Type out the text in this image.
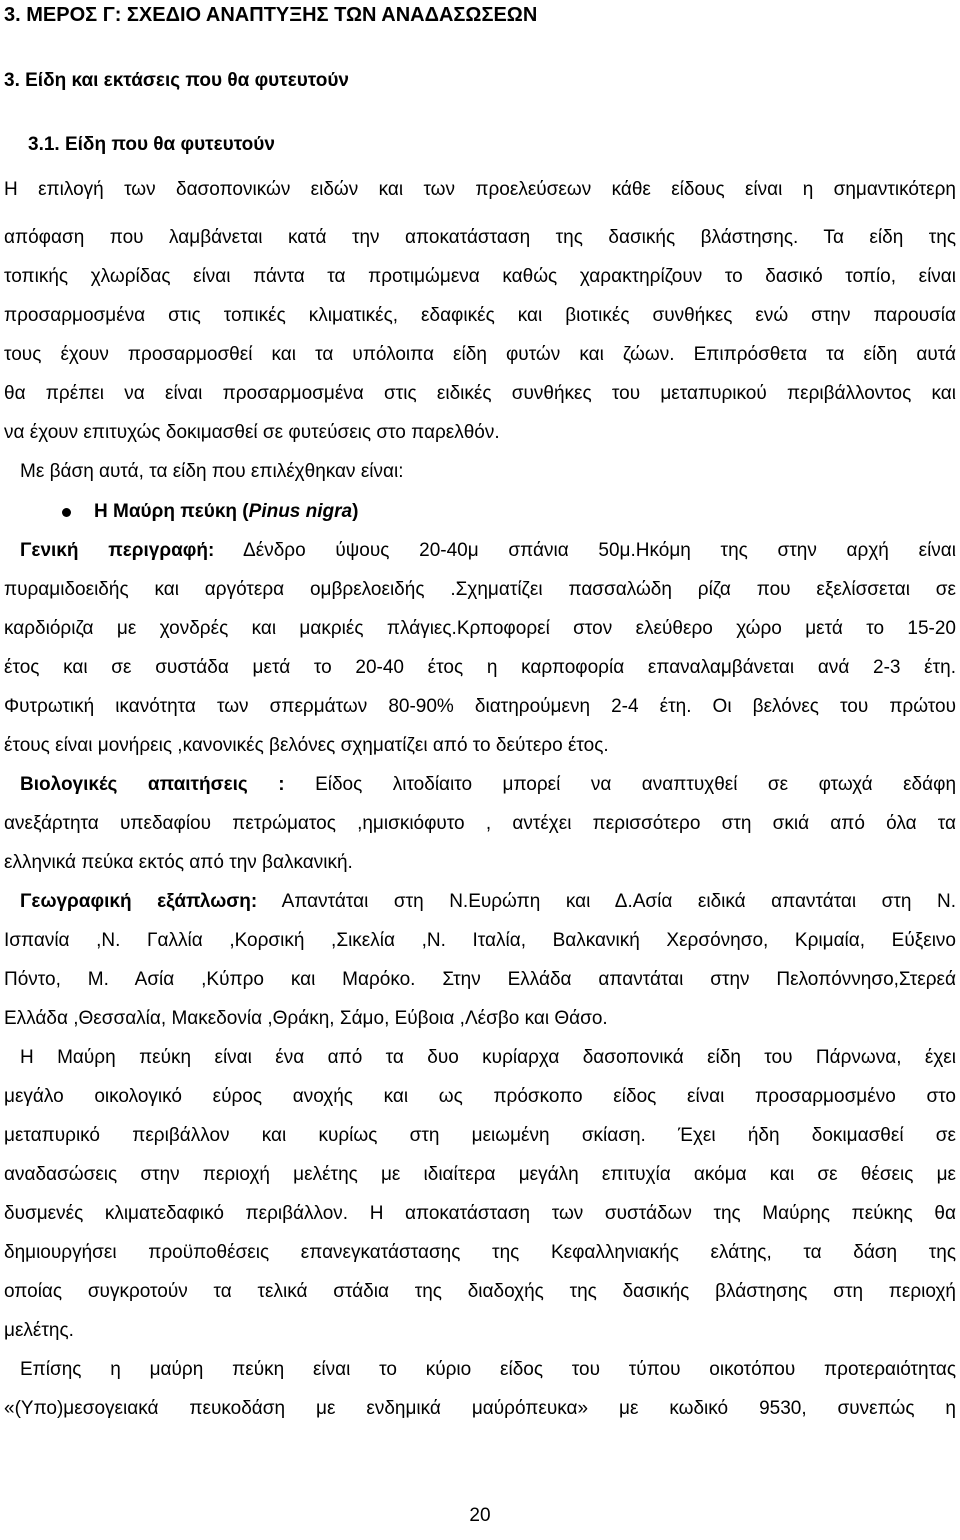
3. ΜΕΡΟΣ Γ: ΣΧΕΔΙΟ ΑΝΑΠΤΥΞΗΣ ΤΩΝ ΑΝΑΔΑΣΩΣΕΩΝ
3. Είδη και εκτάσεις που θα φυτευτούν
3.1. Είδη που θα φυτευτούν
Η επιλογή των δασοπονικών ειδών και των προελεύσεων κάθε είδους είναι η σημαντικότερη
απόφαση που λαμβάνεται κατά την αποκατάσταση της δασικής βλάστησης. Τα είδη της
τοπικής χλωρίδας είναι πάντα τα προτιμώμενα καθώς χαρακτηρίζουν το δασικό τοπίο, είναι
προσαρμοσμένα στις τοπικές κλιματικές, εδαφικές και βιοτικές συνθήκες ενώ στην παρουσία
τους έχουν προσαρμοσθεί και τα υπόλοιπα είδη φυτών και ζώων. Επιπρόσθετα τα είδη αυτά
θα πρέπει να είναι προσαρμοσμένα στις ειδικές συνθήκες του μεταπυρικού περιβάλλοντος και
να έχουν επιτυχώς δοκιμασθεί σε φυτεύσεις στο παρελθόν.
Με βάση αυτά, τα είδη που επιλέχθηκαν είναι:
Η Μαύρη πεύκη (Pinus nigra)
Γενική περιγραφή: Δένδρο ύψους 20-40μ σπάνια 50μ.Ηκόμη της στην αρχή είναι
πυραμιδοειδής και αργότερα ομβρελοειδής .Σχηματίζει πασσαλώδη ρίζα που εξελίσσεται σε
καρδιόριζα με χονδρές και μακριές πλάγιες.Κρποφορεί στον ελεύθερο χώρο μετά το 15-20
έτος και σε συστάδα μετά το 20-40 έτος η καρποφορία επαναλαμβάνεται ανά 2-3 έτη.
Φυτρωτική ικανότητα των σπερμάτων 80-90% διατηρούμενη 2-4 έτη. Οι βελόνες του πρώτου
έτους είναι μονήρεις ,κανονικές βελόνες σχηματίζει από το δεύτερο έτος.
Βιολογικές απαιτήσεις : Είδος λιτοδίαιτο μπορεί να αναπτυχθεί σε φτωχά εδάφη
ανεξάρτητα υπεδαφίου πετρώματος ,ημισκιόφυτο , αντέχει περισσότερο στη σκιά από όλα τα
ελληνικά πεύκα εκτός από την βαλκανική.
Γεωγραφική εξάπλωση: Απαντάται στη Ν.Ευρώπη και Δ.Ασία ειδικά απαντάται στη Ν.
Ισπανία ,Ν. Γαλλία ,Κορσική ,Σικελία ,Ν. Ιταλία, Βαλκανική Χερσόνησο, Κριμαία, Εύξεινο
Πόντο, Μ. Ασία ,Κύπρο και Μαρόκο. Στην Ελλάδα απαντάται στην Πελοπόννησο,Στερεά
Ελλάδα ,Θεσσαλία, Μακεδονία ,Θράκη, Σάμο, Εύβοια ,Λέσβο και Θάσο.
Η Μαύρη πεύκη είναι ένα από τα δυο κυρίαρχα δασοπονικά είδη του Πάρνωνα, έχει
μεγάλο οικολογικό εύρος ανοχής και ως πρόσκοπο είδος είναι προσαρμοσμένο στο
μεταπυρικό περιβάλλον και κυρίως στη μειωμένη σκίαση. Έχει ήδη δοκιμασθεί σε
αναδασώσεις στην περιοχή μελέτης με ιδιαίτερα μεγάλη επιτυχία ακόμα και σε θέσεις με
δυσμενές κλιματεδαφικό περιβάλλον. Η αποκατάσταση των συστάδων της Μαύρης πεύκης θα
δημιουργήσει προϋποθέσεις επανεγκατάστασης της Κεφαλληνιακής ελάτης, τα δάση της
οποίας συγκροτούν τα τελικά στάδια της διαδοχής της δασικής βλάστησης στη περιοχή
μελέτης.
Επίσης η μαύρη πεύκη είναι το κύριο είδος του τύπου οικοτόπου προτεραιότητας
«(Υπο)μεσογειακά πευκοδάση με ενδημικά μαύρόπευκα» με κωδικό 9530, συνεπώς η
20
